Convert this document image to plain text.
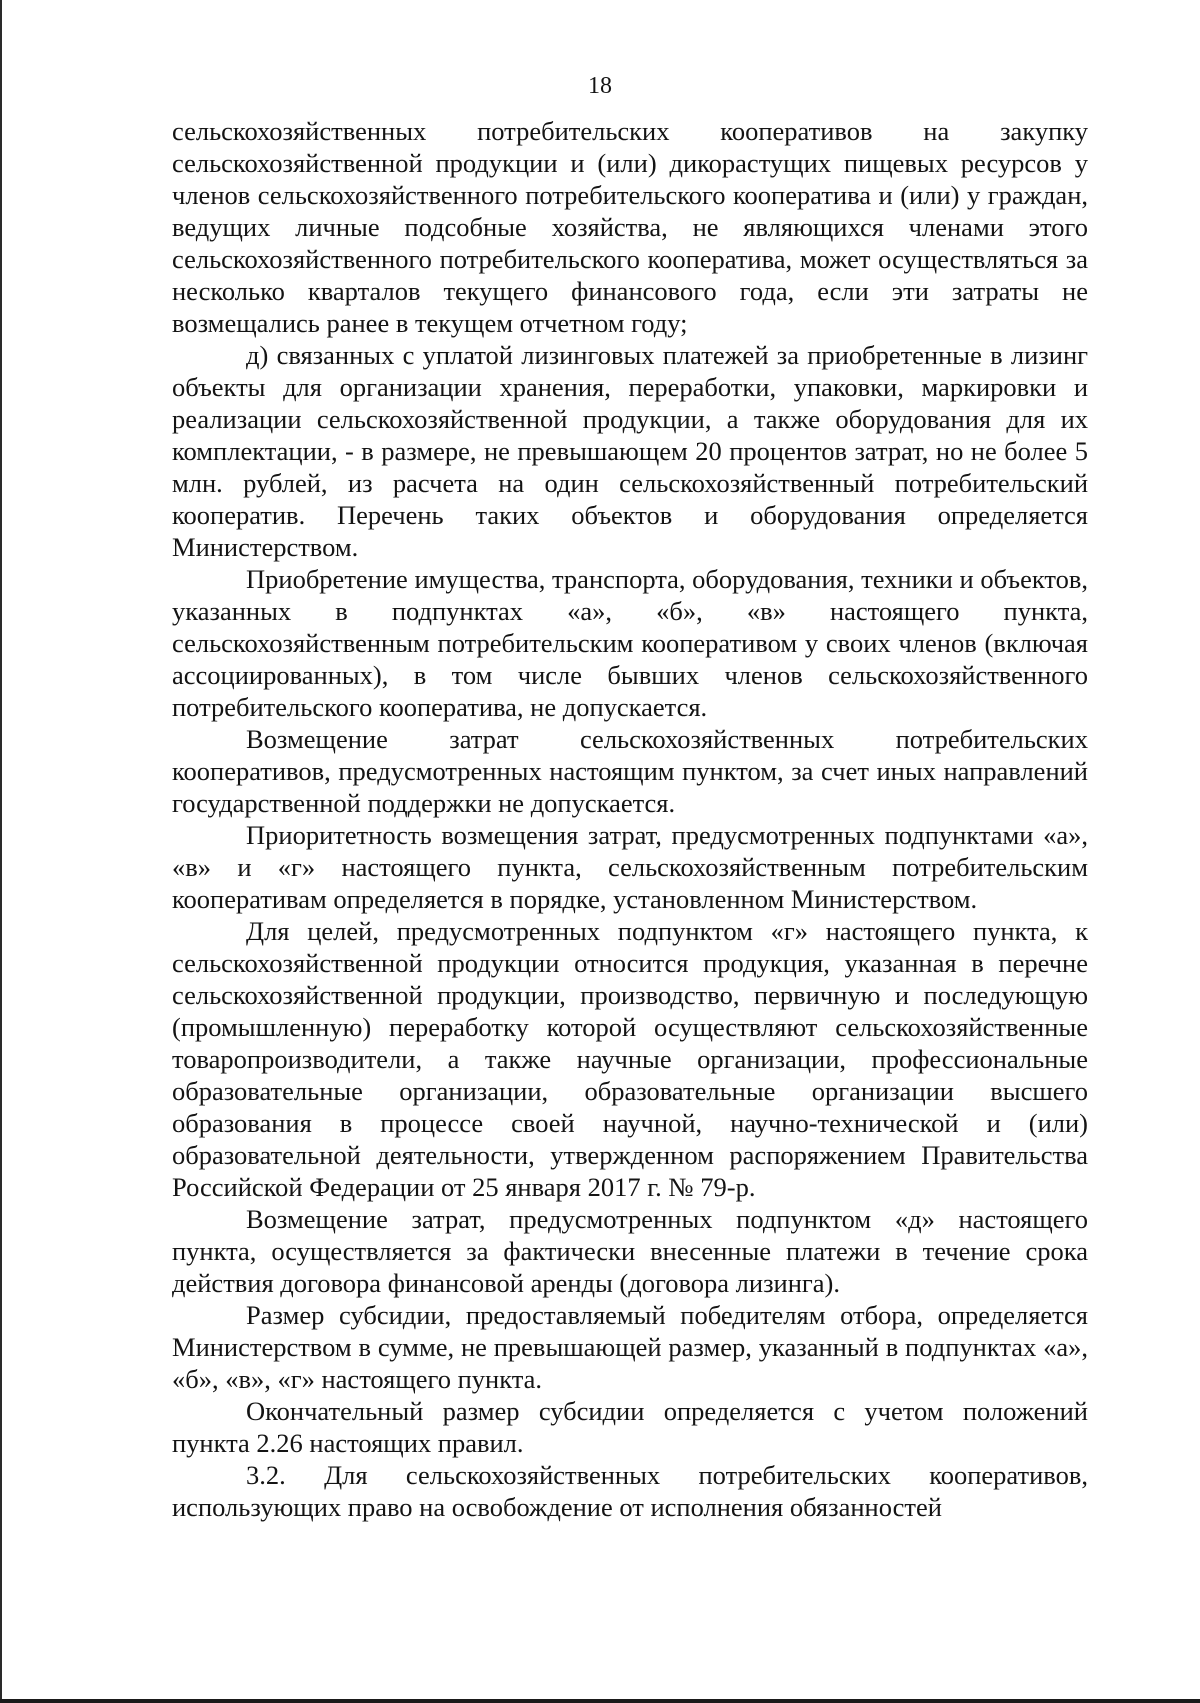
18

сельскохозяйственных потребительских кооперативов на закупку сельскохозяйственной продукции и (или) дикорастущих пищевых ресурсов у членов сельскохозяйственного потребительского кооператива и (или) у граждан, ведущих личные подсобные хозяйства, не являющихся членами этого сельскохозяйственного потребительского кооператива, может осуществляться за несколько кварталов текущего финансового года, если эти затраты не возмещались ранее в текущем отчетном году;

д) связанных с уплатой лизинговых платежей за приобретенные в лизинг объекты для организации хранения, переработки, упаковки, маркировки и реализации сельскохозяйственной продукции, а также оборудования для их комплектации, - в размере, не превышающем 20 процентов затрат, но не более 5 млн. рублей, из расчета на один сельскохозяйственный потребительский кооператив. Перечень таких объектов и оборудования определяется Министерством.

Приобретение имущества, транспорта, оборудования, техники и объектов, указанных в подпунктах «а», «б», «в» настоящего пункта, сельскохозяйственным потребительским кооперативом у своих членов (включая ассоциированных), в том числе бывших членов сельскохозяйственного потребительского кооператива, не допускается.

Возмещение затрат сельскохозяйственных потребительских кооперативов, предусмотренных настоящим пунктом, за счет иных направлений государственной поддержки не допускается.

Приоритетность возмещения затрат, предусмотренных подпунктами «а», «в» и «г» настоящего пункта, сельскохозяйственным потребительским кооперативам определяется в порядке, установленном Министерством.

Для целей, предусмотренных подпунктом «г» настоящего пункта, к сельскохозяйственной продукции относится продукция, указанная в перечне сельскохозяйственной продукции, производство, первичную и последующую (промышленную) переработку которой осуществляют сельскохозяйственные товаропроизводители, а также научные организации, профессиональные образовательные организации, образовательные организации высшего образования в процессе своей научной, научно-технической и (или) образовательной деятельности, утвержденном распоряжением Правительства Российской Федерации от 25 января 2017 г. № 79-р.

Возмещение затрат, предусмотренных подпунктом «д» настоящего пункта, осуществляется за фактически внесенные платежи в течение срока действия договора финансовой аренды (договора лизинга).

Размер субсидии, предоставляемый победителям отбора, определяется Министерством в сумме, не превышающей размер, указанный в подпунктах «а», «б», «в», «г» настоящего пункта.

Окончательный размер субсидии определяется с учетом положений пункта 2.26 настоящих правил.

3.2. Для сельскохозяйственных потребительских кооперативов, использующих право на освобождение от исполнения обязанностей
